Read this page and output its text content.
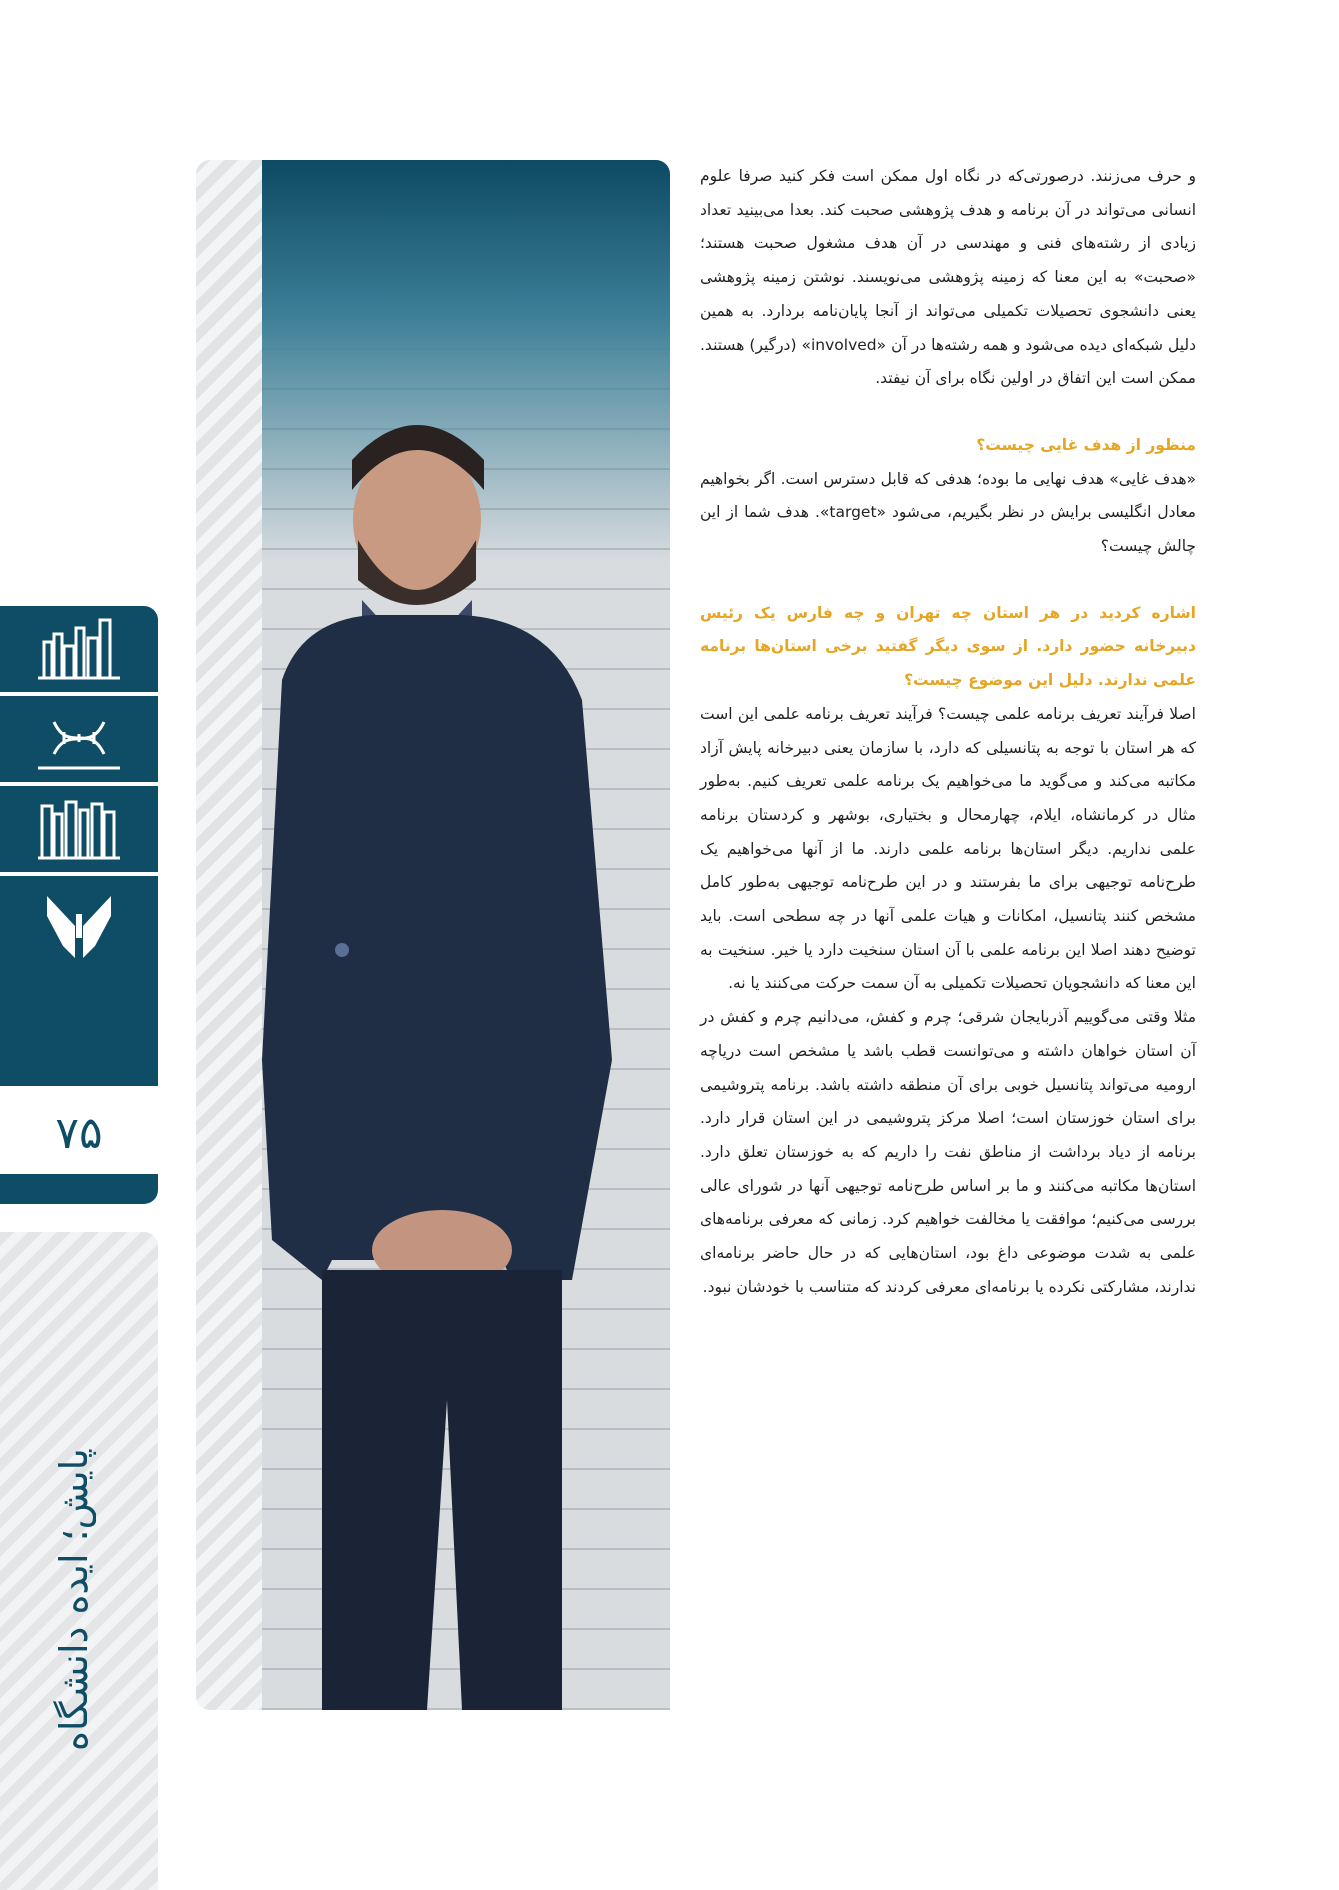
۷۵
پایش؛ ایده دانشگاه

و حرف می‌زنند. درصورتی‌که در نگاه اول ممکن است فکر کنید صرفا علوم انسانی می‌تواند در آن برنامه و هدف پژوهشی صحبت کند. بعدا می‌بینید تعداد زیادی از رشته‌های فنی و مهندسی در آن هدف مشغول صحبت هستند؛ «صحبت» به این معنا که زمینه پژوهشی می‌نویسند. نوشتن زمینه پژوهشی یعنی دانشجوی تحصیلات تکمیلی می‌تواند از آنجا پایان‌نامه بردارد. به همین دلیل شبکه‌ای دیده می‌شود و همه رشته‌ها در آن «involved» (درگیر) هستند. ممکن است این اتفاق در اولین نگاه برای آن نیفتد.

منظور از هدف غایی چیست؟

«هدف غایی» هدف نهایی ما بوده؛ هدفی که قابل دسترس است. اگر بخواهیم معادل انگلیسی برایش در نظر بگیریم، می‌شود «target». هدف شما از این چالش چیست؟

اشاره کردید در هر استان چه تهران و چه فارس یک رئیس دبیرخانه حضور دارد. از سوی دیگر گفتید برخی استان‌ها برنامه علمی ندارند. دلیل این موضوع چیست؟

اصلا فرآیند تعریف برنامه علمی چیست؟ فرآیند تعریف برنامه علمی این است که هر استان با توجه به پتانسیلی که دارد، با سازمان یعنی دبیرخانه پایش آزاد مکاتبه می‌کند و می‌گوید ما می‌خواهیم یک برنامه علمی تعریف کنیم. به‌طور مثال در کرمانشاه، ایلام، چهارمحال و بختیاری، بوشهر و کردستان برنامه علمی نداریم. دیگر استان‌ها برنامه علمی دارند. ما از آنها می‌خواهیم یک طرح‌نامه توجیهی برای ما بفرستند و در این طرح‌نامه توجیهی به‌طور کامل مشخص کنند پتانسیل، امکانات و هیات علمی آنها در چه سطحی است. باید توضیح دهند اصلا این برنامه علمی با آن استان سنخیت دارد یا خیر. سنخیت به این معنا که دانشجویان تحصیلات تکمیلی به آن سمت حرکت می‌کنند یا نه.

مثلا وقتی می‌گوییم آذربایجان شرقی؛ چرم و کفش، می‌دانیم چرم و کفش در آن استان خواهان داشته و می‌توانست قطب باشد یا مشخص است دریاچه ارومیه می‌تواند پتانسیل خوبی برای آن منطقه داشته باشد. برنامه پتروشیمی برای استان خوزستان است؛ اصلا مرکز پتروشیمی در این استان قرار دارد. برنامه از دیاد برداشت از مناطق نفت را داریم که به خوزستان تعلق دارد. استان‌ها مکاتبه می‌کنند و ما بر اساس طرح‌نامه توجیهی آنها در شورای عالی بررسی می‌کنیم؛ موافقت یا مخالفت خواهیم کرد. زمانی که معرفی برنامه‌های علمی به شدت موضوعی داغ بود، استان‌هایی که در حال حاضر برنامه‌ای ندارند، مشارکتی نکرده یا برنامه‌ای معرفی کردند که متناسب با خودشان نبود.
